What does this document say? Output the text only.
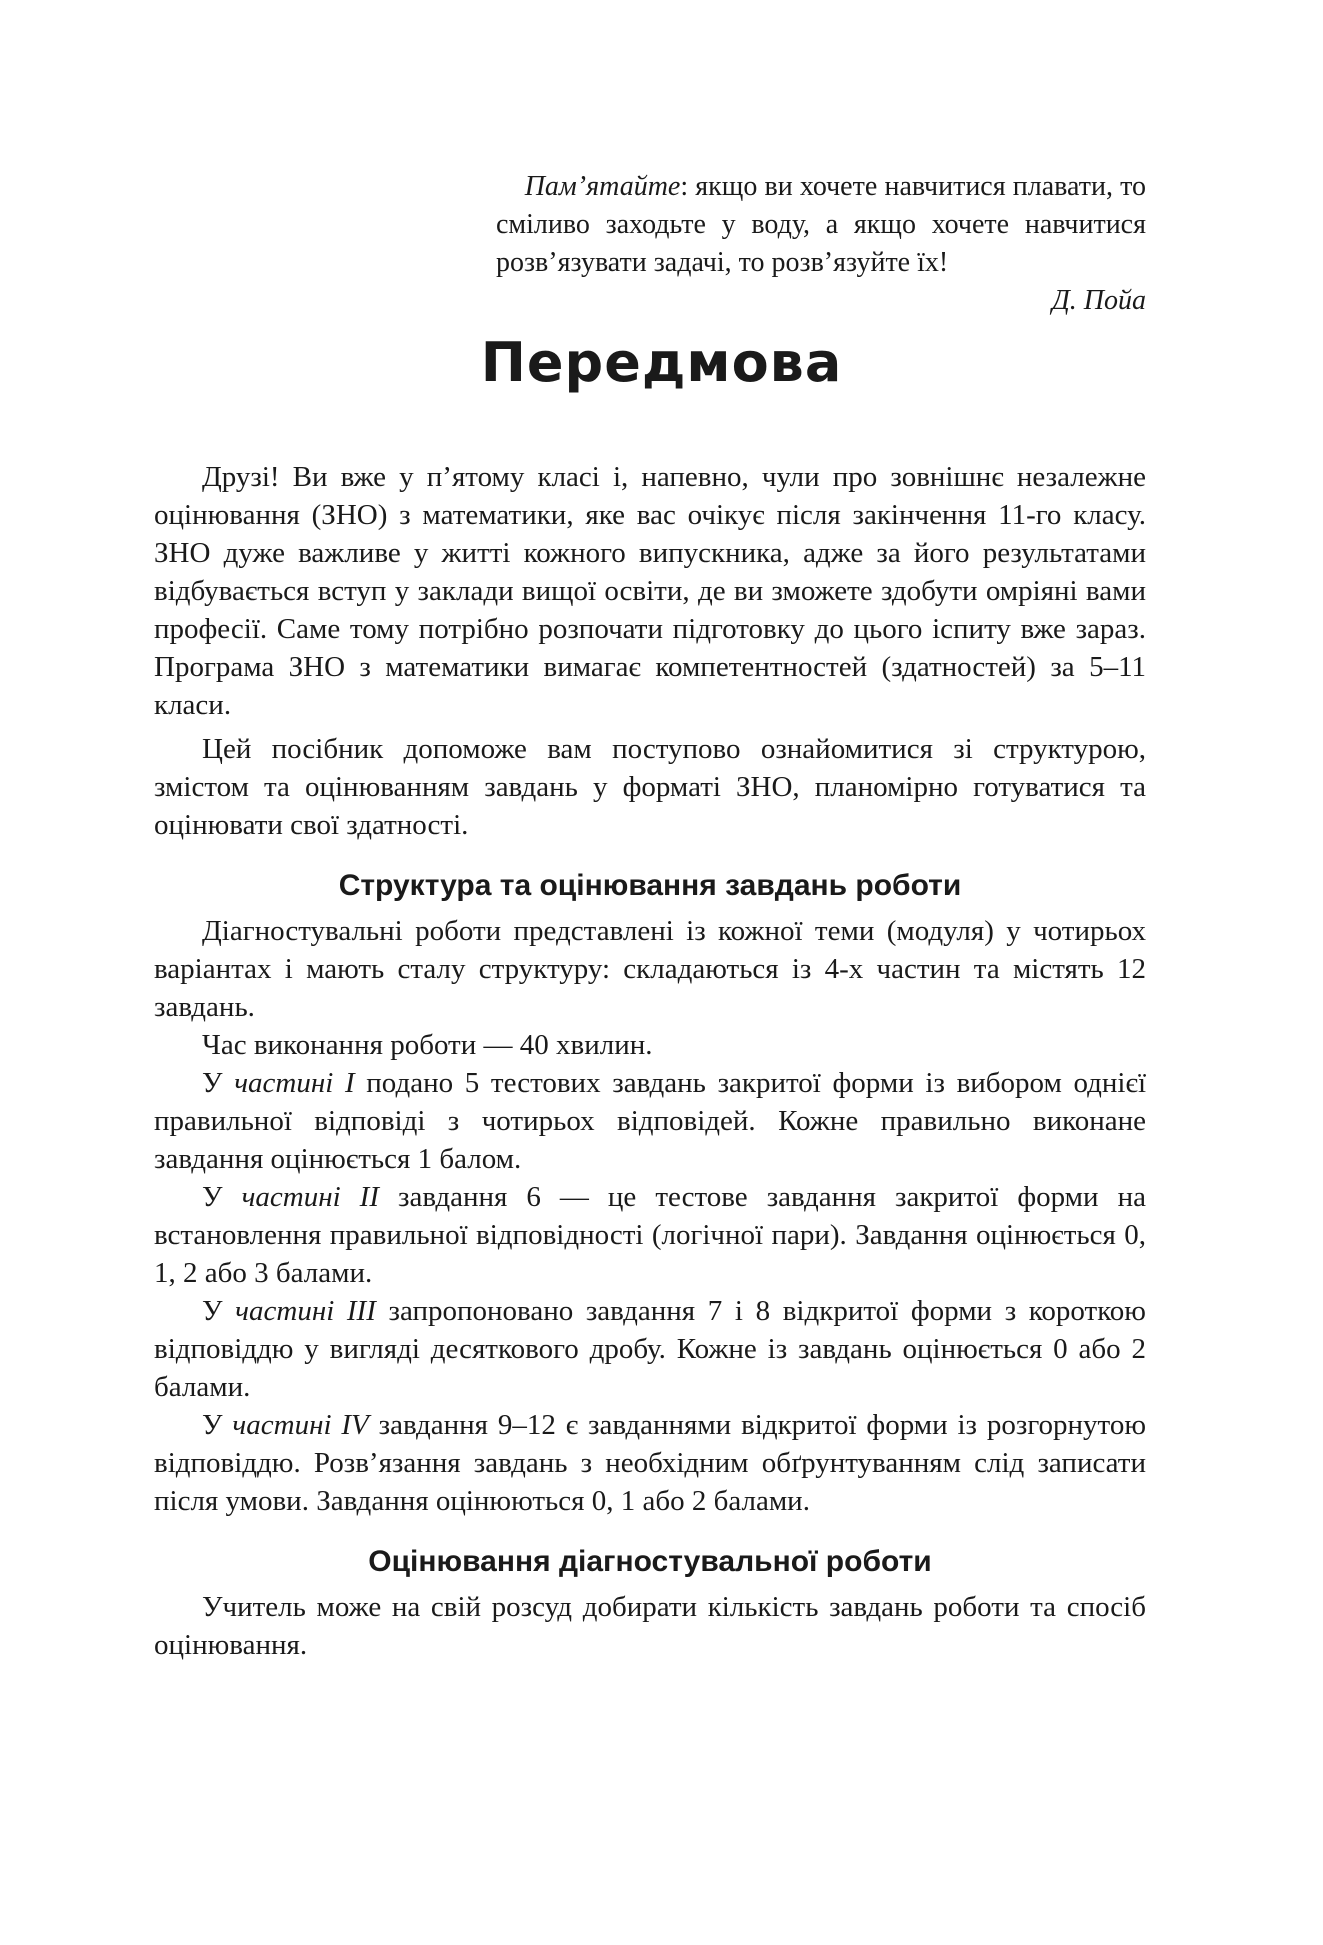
Пам’ятайте: якщо ви хочете навчитися плавати, то сміливо заходьте у воду, а якщо хочете навчитися розв’язувати задачі, то розв’язуйте їх!

Д. Пойа

Передмова

Друзі! Ви вже у п’ятому класі і, напевно, чули про зовнішнє незалежне оцінювання (ЗНО) з математики, яке вас очікує після закінчення 11-го класу. ЗНО дуже важливе у житті кожного випускника, адже за його результатами відбувається вступ у заклади вищої освіти, де ви зможете здобути омріяні вами професії. Саме тому потрібно розпочати підготовку до цього іспиту вже зараз. Програма ЗНО з математики вимагає компетентностей (здатностей) за 5–11 класи.

Цей посібник допоможе вам поступово ознайомитися зі структурою, змістом та оцінюванням завдань у форматі ЗНО, планомірно готуватися та оцінювати свої здатності.

Структура та оцінювання завдань роботи

Діагностувальні роботи представлені із кожної теми (модуля) у чотирьох варіантах і мають сталу структуру: складаються із 4-х частин та містять 12 завдань.

Час виконання роботи — 40 хвилин.

У частині I подано 5 тестових завдань закритої форми із вибором однієї правильної відповіді з чотирьох відповідей. Кожне правильно виконане завдання оцінюється 1 балом.

У частині II завдання 6 — це тестове завдання закритої форми на встановлення правильної відповідності (логічної пари). Завдання оцінюється 0, 1, 2 або 3 балами.

У частині III запропоновано завдання 7 і 8 відкритої форми з короткою відповіддю у вигляді десяткового дробу. Кожне із завдань оцінюється 0 або 2 балами.

У частині IV завдання 9–12 є завданнями відкритої форми із розгорнутою відповіддю. Розв’язання завдань з необхідним обґрунтуванням слід записати після умови. Завдання оцінюються 0, 1 або 2 балами.

Оцінювання діагностувальної роботи

Учитель може на свій розсуд добирати кількість завдань роботи та спосіб оцінювання.
